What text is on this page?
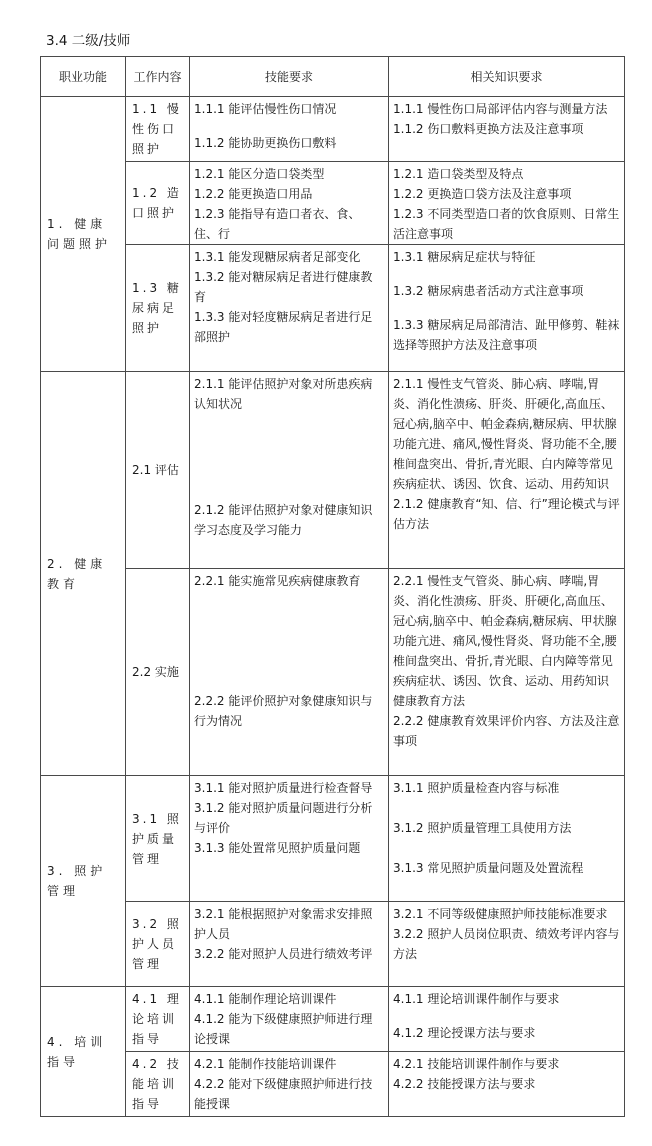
3.4 二级/技师
职业功能	工作内容	技能要求	相关知识要求
1. 健康问题照护	1.1 慢性伤口照护	1.1.1 能评估慢性伤口情况
1.1.2 能协助更换伤口敷料	1.1.1 慢性伤口局部评估内容与测量方法
1.1.2 伤口敷料更换方法及注意事项

	1.2 造口照护	1.2.1 能区分造口袋类型
1.2.2 能更换造口用品
1.2.3 能指导有造口者衣、食、住、行	1.2.1 造口袋类型及特点
1.2.2 更换造口袋方法及注意事项
1.2.3 不同类型造口者的饮食原则、日常生活注意事项

	1.3 糖尿病足照护	1.3.1 能发现糖尿病者足部变化
1.3.2 能对糖尿病足者进行健康教育
1.3.3 能对轻度糖尿病足者进行足部照护	1.3.1 糖尿病足症状与特征
1.3.2 糖尿病患者活动方式注意事项
1.3.3 糖尿病足局部清洁、趾甲修剪、鞋袜选择等照护方法及注意事项

2. 健康教育	2.1 评估	2.1.1 能评估照护对象对所患疾病认知状况
2.1.2 能评估照护对象对健康知识学习态度及学习能力	2.1.1 慢性支气管炎、肺心病、哮喘,胃炎、消化性溃疡、肝炎、肝硬化,高血压、冠心病,脑卒中、帕金森病,糖尿病、甲状腺功能亢进、痛风,慢性肾炎、肾功能不全,腰椎间盘突出、骨折,青光眼、白内障等常见疾病症状、诱因、饮食、运动、用药知识
2.1.2 健康教育“知、信、行”理论模式与评估方法

	2.2 实施	2.2.1 能实施常见疾病健康教育
2.2.2 能评价照护对象健康知识与行为情况	2.2.1 慢性支气管炎、肺心病、哮喘,胃炎、消化性溃疡、肝炎、肝硬化,高血压、冠心病,脑卒中、帕金森病,糖尿病、甲状腺功能亢进、痛风,慢性肾炎、肾功能不全,腰椎间盘突出、骨折,青光眼、白内障等常见疾病症状、诱因、饮食、运动、用药知识健康教育方法
2.2.2 健康教育效果评价内容、方法及注意事项

3. 照护管理	3.1 照护质量管理	3.1.1 能对照护质量进行检查督导
3.1.2 能对照护质量问题进行分析与评价
3.1.3 能处置常见照护质量问题	3.1.1 照护质量检查内容与标准
3.1.2 照护质量管理工具使用方法
3.1.3 常见照护质量问题及处置流程

	3.2 照护人员管理	3.2.1 能根据照护对象需求安排照护人员
3.2.2 能对照护人员进行绩效考评	3.2.1 不同等级健康照护师技能标准要求
3.2.2 照护人员岗位职责、绩效考评内容与方法

4. 培训指导	4.1 理论培训指导	4.1.1 能制作理论培训课件
4.1.2 能为下级健康照护师进行理论授课	4.1.1 理论培训课件制作与要求
4.1.2 理论授课方法与要求

	4.2 技能培训指导	4.2.1 能制作技能培训课件
4.2.2 能对下级健康照护师进行技能授课	4.2.1 技能培训课件制作与要求
4.2.2 技能授课方法与要求
